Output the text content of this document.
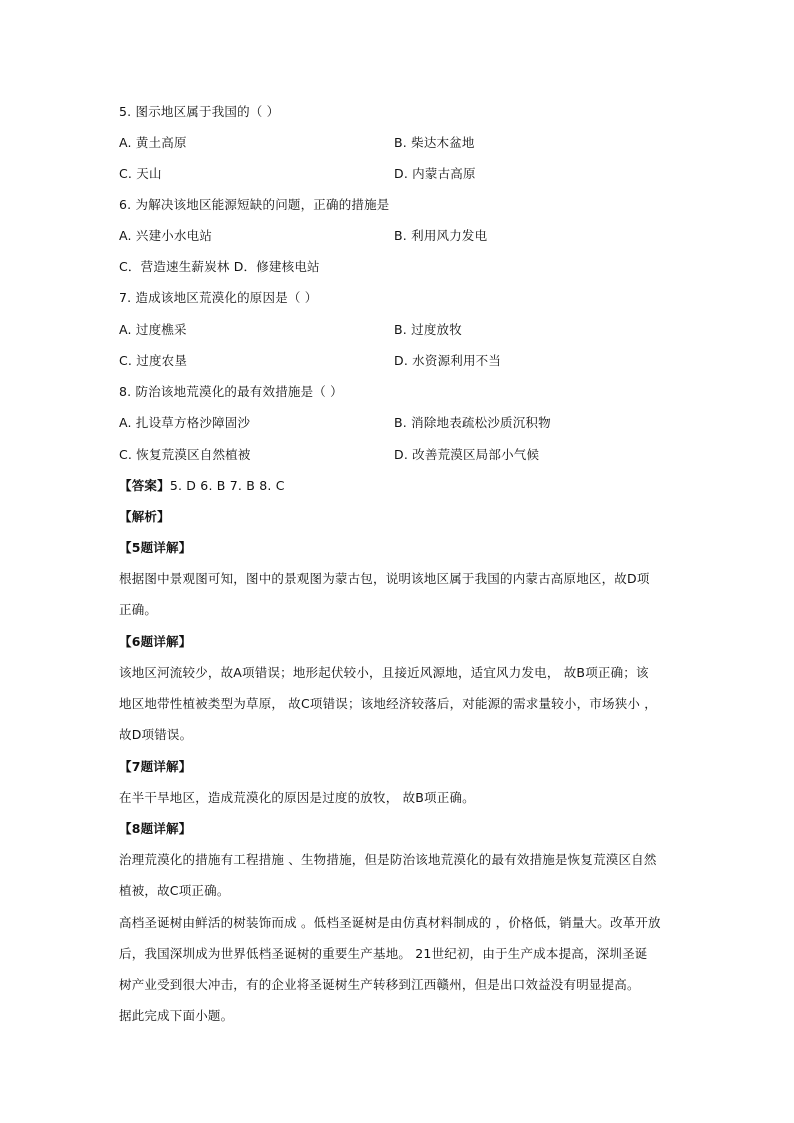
5. 图示地区属于我国的（ ）
A. 黄土高原	B. 柴达木盆地
C. 天山	D. 内蒙古高原
6. 为解决该地区能源短缺的问题，正确的措施是
A. 兴建小水电站	B. 利用风力发电
C．营造速生薪炭林 D．修建核电站
7. 造成该地区荒漠化的原因是（ ）
A. 过度樵采	B. 过度放牧
C. 过度农垦	D. 水资源利用不当
8. 防治该地荒漠化的最有效措施是（ ）
A. 扎设草方格沙障固沙	B. 消除地表疏松沙质沉积物
C. 恢复荒漠区自然植被	D. 改善荒漠区局部小气候
【答案】5. D 6. B 7. B 8. C
【解析】
【5题详解】
根据图中景观图可知，图中的景观图为蒙古包，说明该地区属于我国的内蒙古高原地区，故D项
正确。
【6题详解】
该地区河流较少，故A项错误；地形起伏较小，且接近风源地，适宜风力发电， 故B项正确；该
地区地带性植被类型为草原， 故C项错误；该地经济较落后，对能源的需求量较小，市场狭小 ，
故D项错误。
【7题详解】
在半干旱地区，造成荒漠化的原因是过度的放牧， 故B项正确。
【8题详解】
治理荒漠化的措施有工程措施 、生物措施，但是防治该地荒漠化的最有效措施是恢复荒漠区自然
植被，故C项正确。
高档圣诞树由鲜活的树装饰而成 。低档圣诞树是由仿真材料制成的 ，价格低，销量大。改革开放
后，我国深圳成为世界低档圣诞树的重要生产基地。 21世纪初，由于生产成本提高，深圳圣诞
树产业受到很大冲击，有的企业将圣诞树生产转移到江西赣州，但是出口效益没有明显提高。
据此完成下面小题。
